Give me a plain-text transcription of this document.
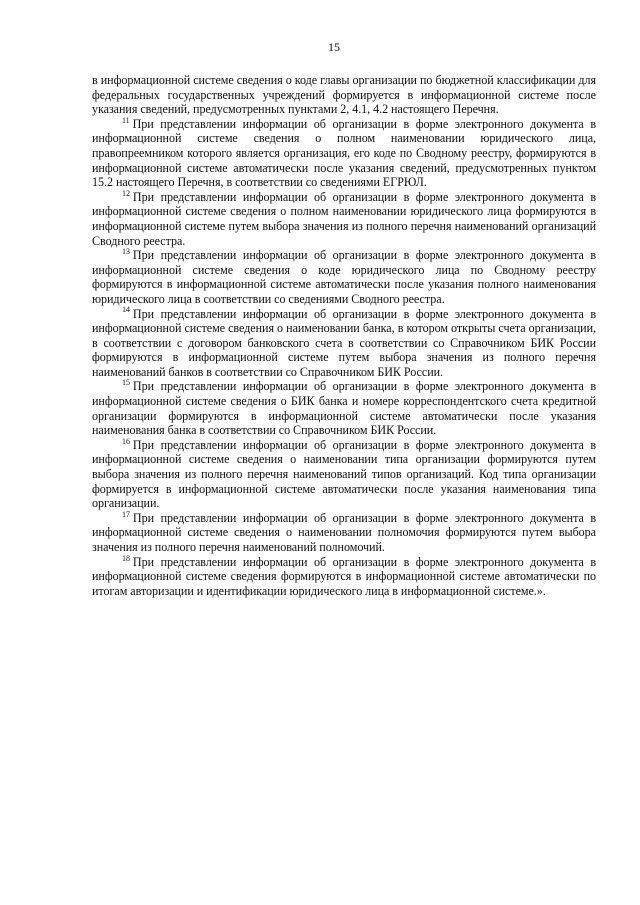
15

в информационной системе сведения о коде главы организации по бюджетной классификации для федеральных государственных учреждений формируется в информационной системе после указания сведений, предусмотренных пунктами 2, 4.1, 4.2 настоящего Перечня.

$^{11}$ При представлении информации об организации в форме электронного документа в информационной системе сведения о полном наименовании юридического лица, правопреемником которого является организация, его коде по Сводному реестру, формируются в информационной системе автоматически после указания сведений, предусмотренных пунктом 15.2 настоящего Перечня, в соответствии со сведениями ЕГРЮЛ.

$^{12}$ При представлении информации об организации в форме электронного документа в информационной системе сведения о полном наименовании юридического лица формируются в информационной системе путем выбора значения из полного перечня наименований организаций Сводного реестра.

$^{13}$ При представлении информации об организации в форме электронного документа в информационной системе сведения о коде юридического лица по Сводному реестру формируются в информационной системе автоматически после указания полного наименования юридического лица в соответствии со сведениями Сводного реестра.

$^{14}$ При представлении информации об организации в форме электронного документа в информационной системе сведения о наименовании банка, в котором открыты счета организации, в соответствии с договором банковского счета в соответствии со Справочником БИК России формируются в информационной системе путем выбора значения из полного перечня наименований банков в соответствии со Справочником БИК России.

$^{15}$ При представлении информации об организации в форме электронного документа в информационной системе сведения о БИК банка и номере корреспондентского счета кредитной организации формируются в информационной системе автоматически после указания наименования банка в соответствии со Справочником БИК России.

$^{16}$ При представлении информации об организации в форме электронного документа в информационной системе сведения о наименовании типа организации формируются путем выбора значения из полного перечня наименований типов организаций. Код типа организации формируется в информационной системе автоматически после указания наименования типа организации.

$^{17}$ При представлении информации об организации в форме электронного документа в информационной системе сведения о наименовании полномочия формируются путем выбора значения из полного перечня наименований полномочий.

$^{18}$ При представлении информации об организации в форме электронного документа в информационной системе сведения формируются в информационной системе автоматически по итогам авторизации и идентификации юридического лица в информационной системе.».
